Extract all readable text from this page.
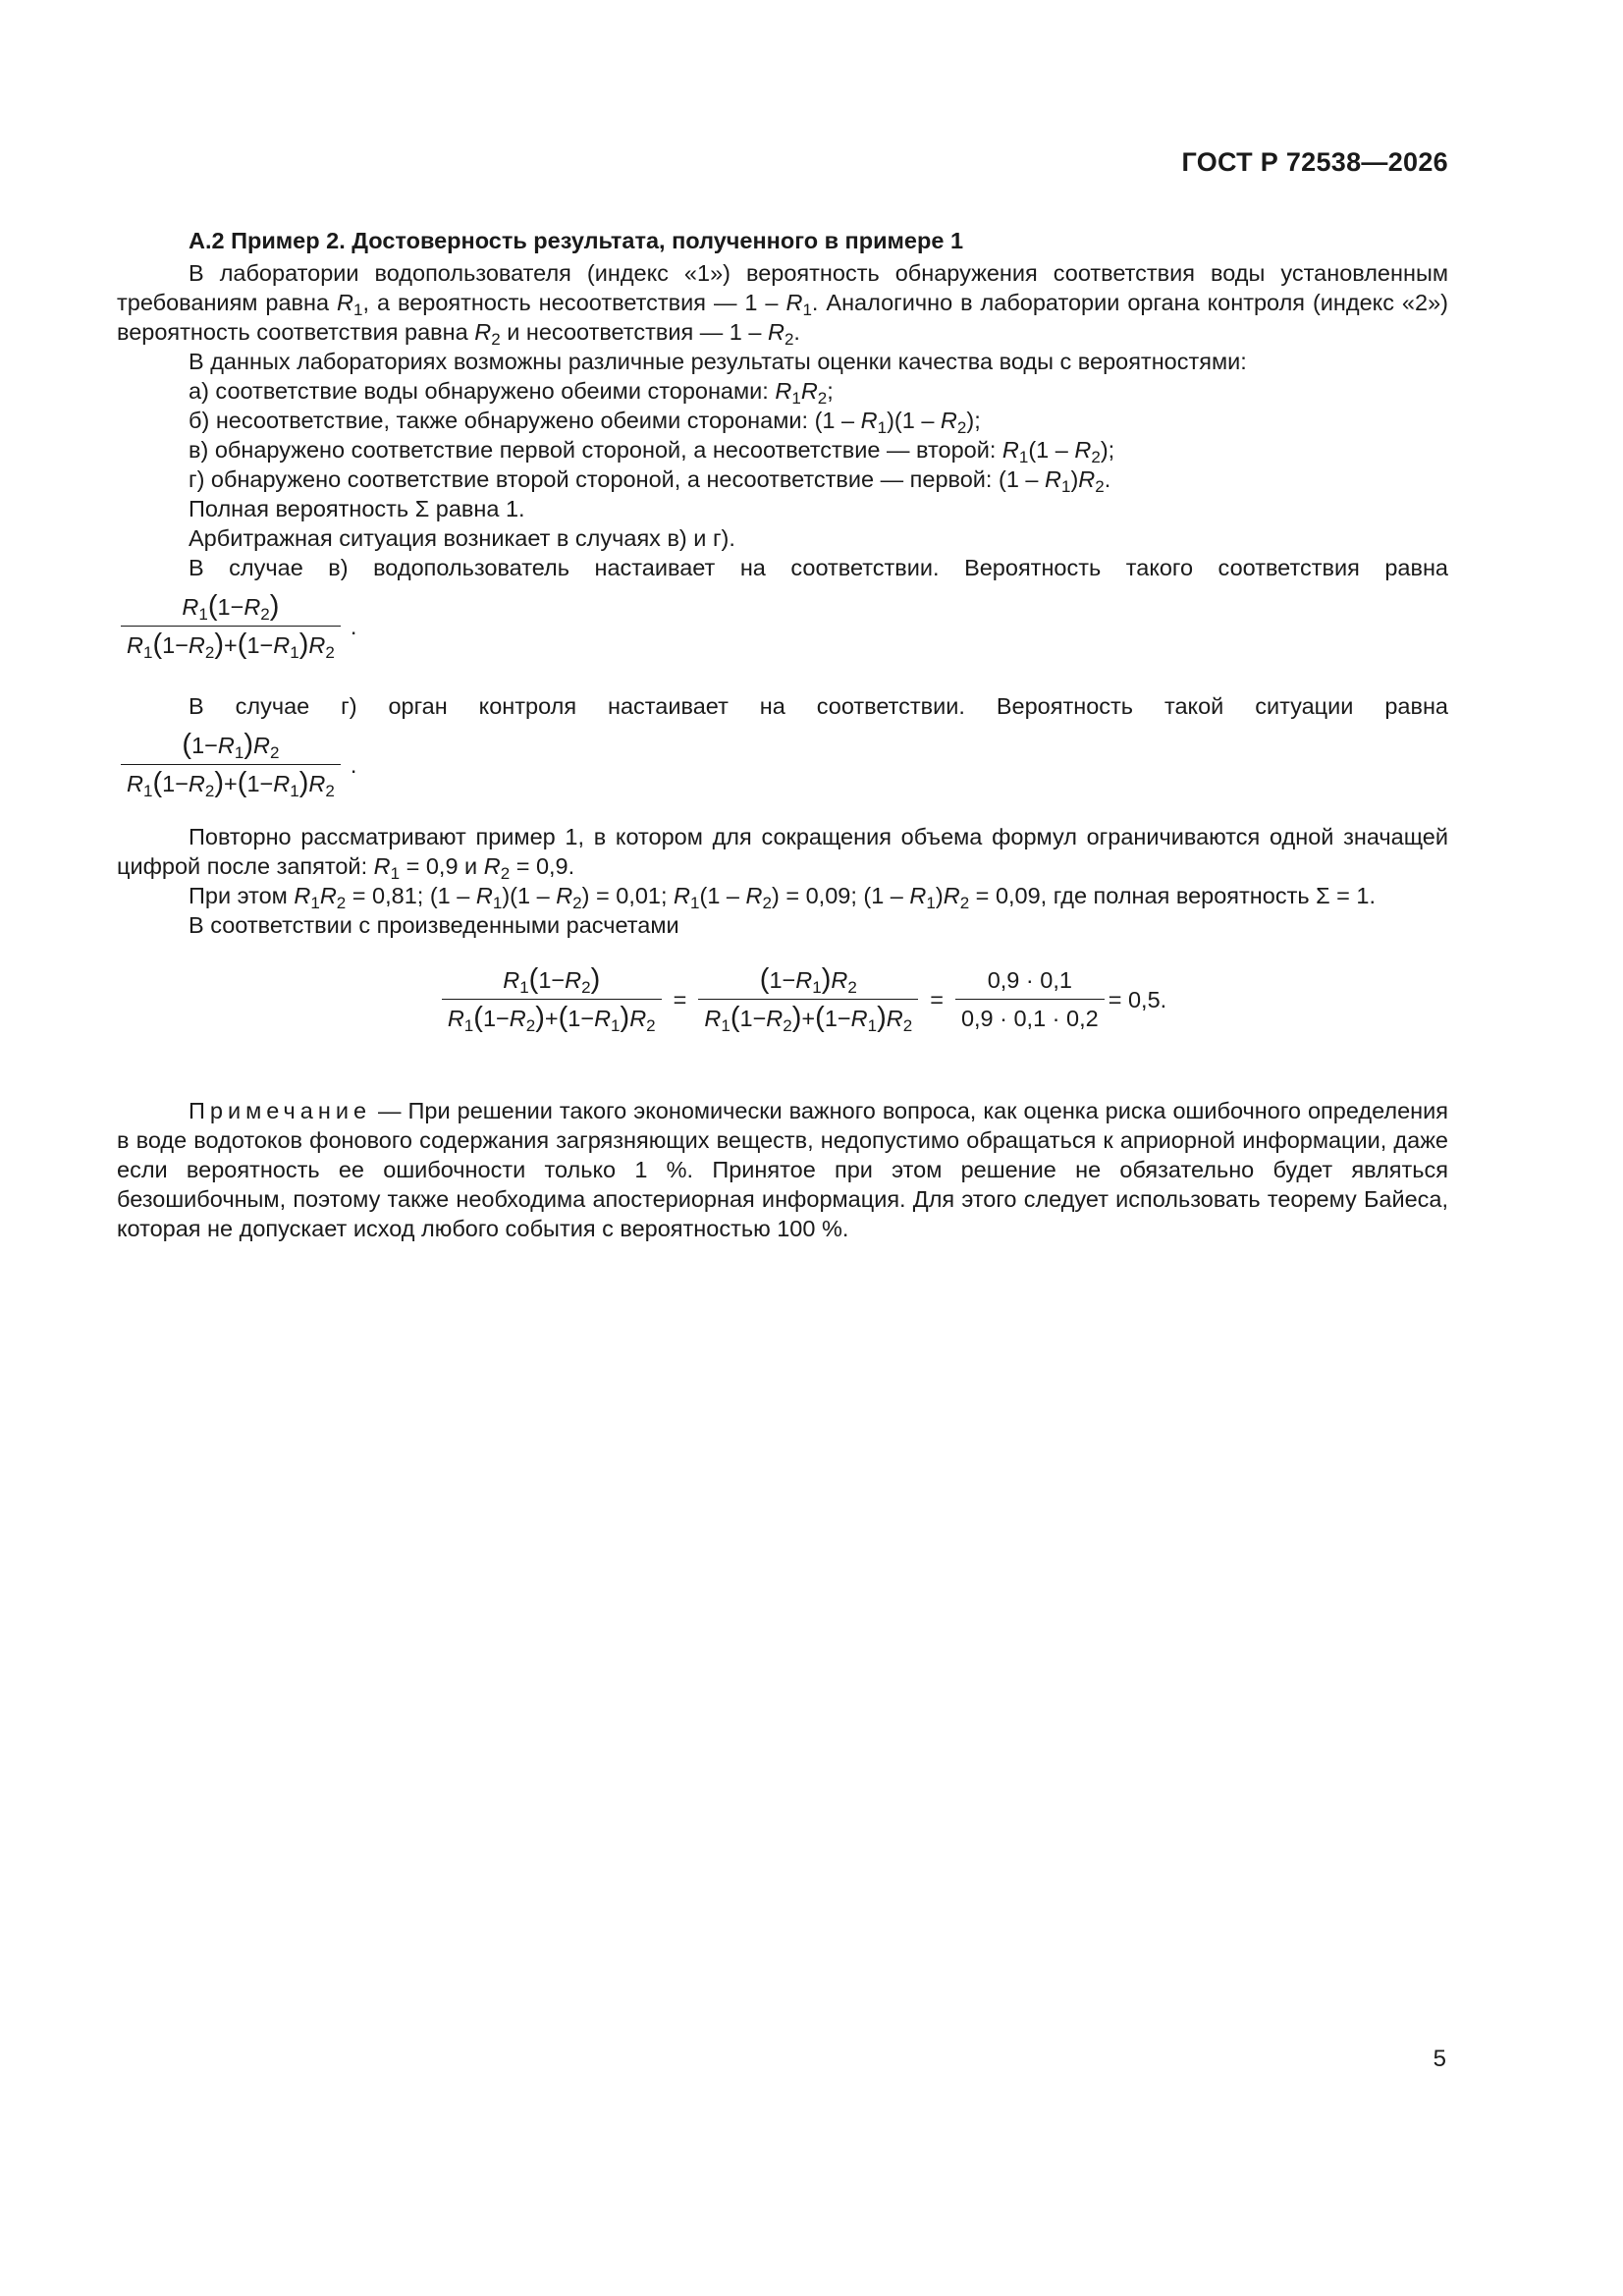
ГОСТ Р 72538—2026

А.2 Пример 2. Достоверность результата, полученного в примере 1

В лаборатории водопользователя (индекс «1») вероятность обнаружения соответствия воды установленным требованиям равна $R_1$, а вероятность несоответствия — $1 - R_1$. Аналогично в лаборатории органа контроля (индекс «2») вероятность соответствия равна $R_2$ и несоответствия — $1 - R_2$.

В данных лабораториях возможны различные результаты оценки качества воды с вероятностями:

а) соответствие воды обнаружено обеими сторонами: $R_1R_2$;

б) несоответствие, также обнаружено обеими сторонами: $(1 - R_1)(1 - R_2)$;

в) обнаружено соответствие первой стороной, а несоответствие — второй: $R_1(1 - R_2)$;

г) обнаружено соответствие второй стороной, а несоответствие — первой: $(1 - R_1)R_2$.

Полная вероятность Σ равна 1.

Арбитражная ситуация возникает в случаях в) и г).

В случае в) водопользователь настаивает на соответствии. Вероятность такого соответствия равна

$\frac{R_1(1-R_2)}{R_1(1-R_2)+(1-R_1)R_2}$ .

В случае г) орган контроля настаивает на соответствии. Вероятность такой ситуации равна

$\frac{(1-R_1)R_2}{R_1(1-R_2)+(1-R_1)R_2}$ .

Повторно рассматривают пример 1, в котором для сокращения объема формул ограничиваются одной значащей цифрой после запятой: $R_1 = 0,9$ и $R_2 = 0,9$.

При этом $R_1R_2 = 0,81$; $(1 - R_1)(1 - R_2) = 0,01$; $R_1(1 - R_2) = 0,09$; $(1 - R_1)R_2 = 0,09$, где полная вероятность Σ = 1.

В соответствии с произведенными расчетами

$\frac{R_1(1-R_2)}{R_1(1-R_2)+(1-R_1)R_2} = \frac{(1-R_1)R_2}{R_1(1-R_2)+(1-R_1)R_2} = \frac{0,9 \cdot 0,1}{0,9 \cdot 0,1 \cdot 0,2} = 0,5$.

Примечание — При решении такого экономически важного вопроса, как оценка риска ошибочного определения в воде водотоков фонового содержания загрязняющих веществ, недопустимо обращаться к априорной информации, даже если вероятность ее ошибочности только 1 %. Принятое при этом решение не обязательно будет являться безошибочным, поэтому также необходима апостериорная информация. Для этого следует использовать теорему Байеса, которая не допускает исход любого события с вероятностью 100 %.

5
